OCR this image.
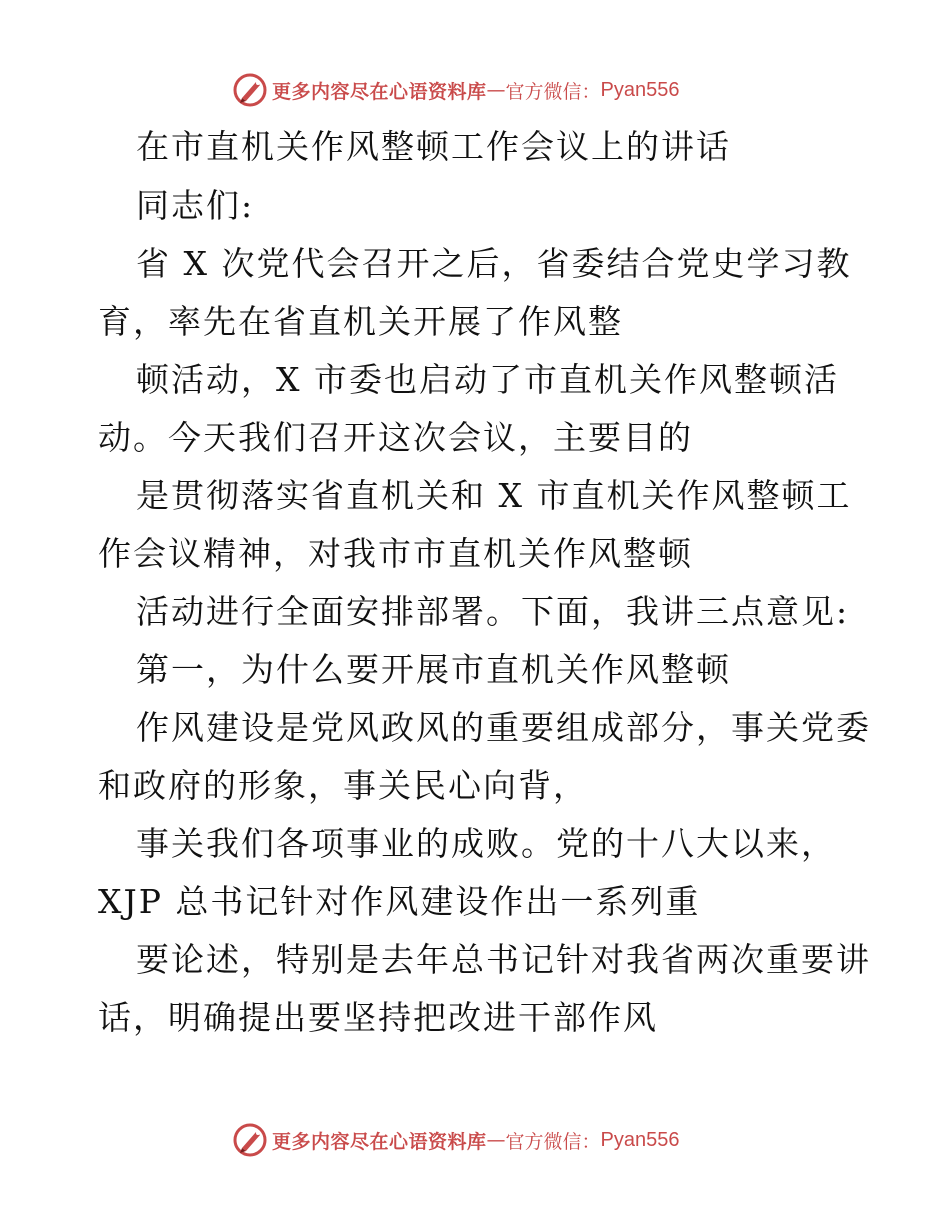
更多内容尽在心语资料库 — 官方微信： Pyan556
在市直机关作风整顿工作会议上的讲话
同志们:
省 X 次党代会召开之后，省委结合党史学习教
育，率先在省直机关开展了作风整
顿活动，X 市委也启动了市直机关作风整顿活
动。今天我们召开这次会议，主要目的
是贯彻落实省直机关和 X 市直机关作风整顿工
作会议精神，对我市市直机关作风整顿
活动进行全面安排部署。下面，我讲三点意见:
第一，为什么要开展市直机关作风整顿
作风建设是党风政风的重要组成部分，事关党委
和政府的形象，事关民心向背，
事关我们各项事业的成败。党的十八大以来，
XJP 总书记针对作风建设作出一系列重
要论述，特别是去年总书记针对我省两次重要讲
话，明确提出要坚持把改进干部作风
更多内容尽在心语资料库 — 官方微信： Pyan556
